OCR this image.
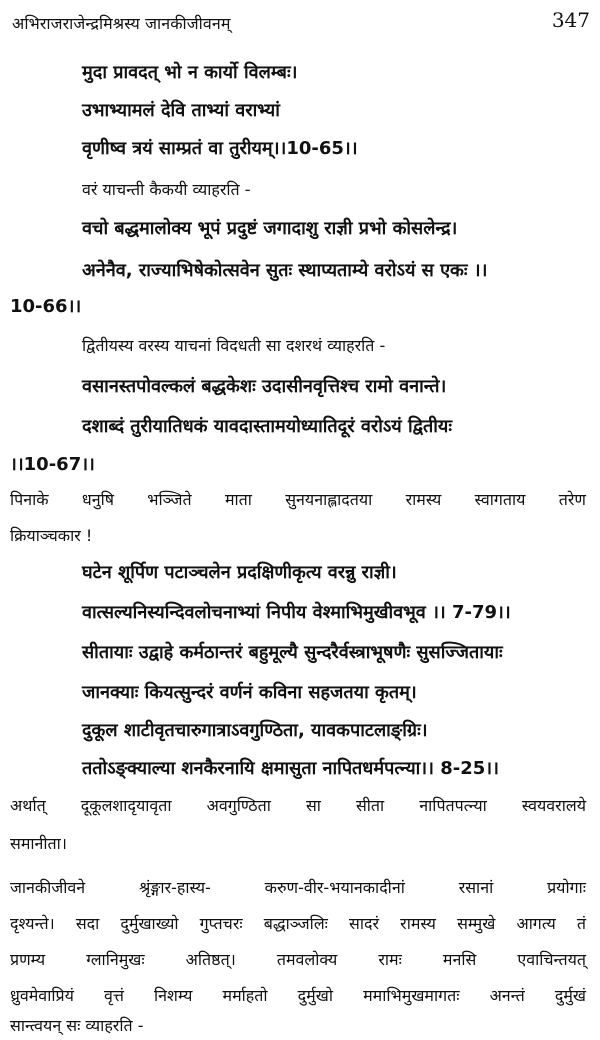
अभिराजराजेन्द्रमिश्रस्य जानकीजीवनम्	347
मुदा प्रावदत् भो न कार्यो विलम्बः।
उभाभ्यामलं देवि ताभ्यां वराभ्यां
वृणीष्व त्रयं साम्प्रतं वा तुरीयम्।।10-65।।
वरं याचन्ती कैकयी व्याहरति -
वचो बद्धमालोक्य भूपं प्रदुष्टं जगादाशु राज्ञी प्रभो कोसलेन्द्र।
अनेनैव, राज्याभिषेकोत्सवेन सुतः स्थाप्यताम्ये वरोऽयं स एकः ।।
10-66।।
द्वितीयस्य वरस्य याचनां विदधती सा दशरथं व्याहरति -
वसानस्तपोवल्कलं बद्धकेशः उदासीनवृत्तिश्च रामो वनान्ते।
दशाब्दं तुरीयातिधकं यावदास्तामयोध्यातिदूरं वरोऽयं द्वितीयः
।।10-67।।
पिनाके धनुषि भञ्जिते माता सुनयनाह्लादतया रामस्य स्वागताय तरेण
क्रियाञ्चकार !
घटेन शूर्पिण पटाञ्चलेन प्रदक्षिणीकृत्य वरन्नु राज्ञी।
वात्सल्यनिस्यन्दिवलोचनाभ्यां निपीय वेश्माभिमुखीवभूव ।। 7-79।।
सीतायाः उद्वाहे कर्मठान्तरं बहुमूल्यै सुन्दरैर्वस्त्राभूषणैः सुसज्जितायाः
जानक्याः कियत्सुन्दरं वर्णनं कविना सहजतया कृतम्।
दुकूल शाटीवृतचारुगात्राऽवगुण्ठिता, यावकपाटलाङ्ग्रिः।
ततोऽङ्क्याल्या शनकैरनायि क्षमासुता नापितधर्मपत्न्या।। 8-25।।
अर्थात् दूकूलशादृयावृता अवगुण्ठिता सा सीता नापितपत्न्या स्वयवरालये
समानीता।
जानकीजीवने श्रृंङ्गार-हास्य- करुण-वीर-भयानकादीनां रसानां प्रयोगाः
दृश्यन्ते। सदा दुर्मुखाख्यो गुप्तचरः बद्धाञ्जलिः सादरं रामस्य सम्मुखे आगत्य तं
प्रणम्य ग्लानिमुखः अतिष्ठत्। तमवलोक्य रामः मनसि एवाचिन्तयत्
ध्रुवमेवाप्रियं वृत्तं निशम्य मर्माहतो दुर्मुखो ममाभिमुखमागतः अनन्तं दुर्मुखं
सान्त्वयन् सः व्याहरति -
